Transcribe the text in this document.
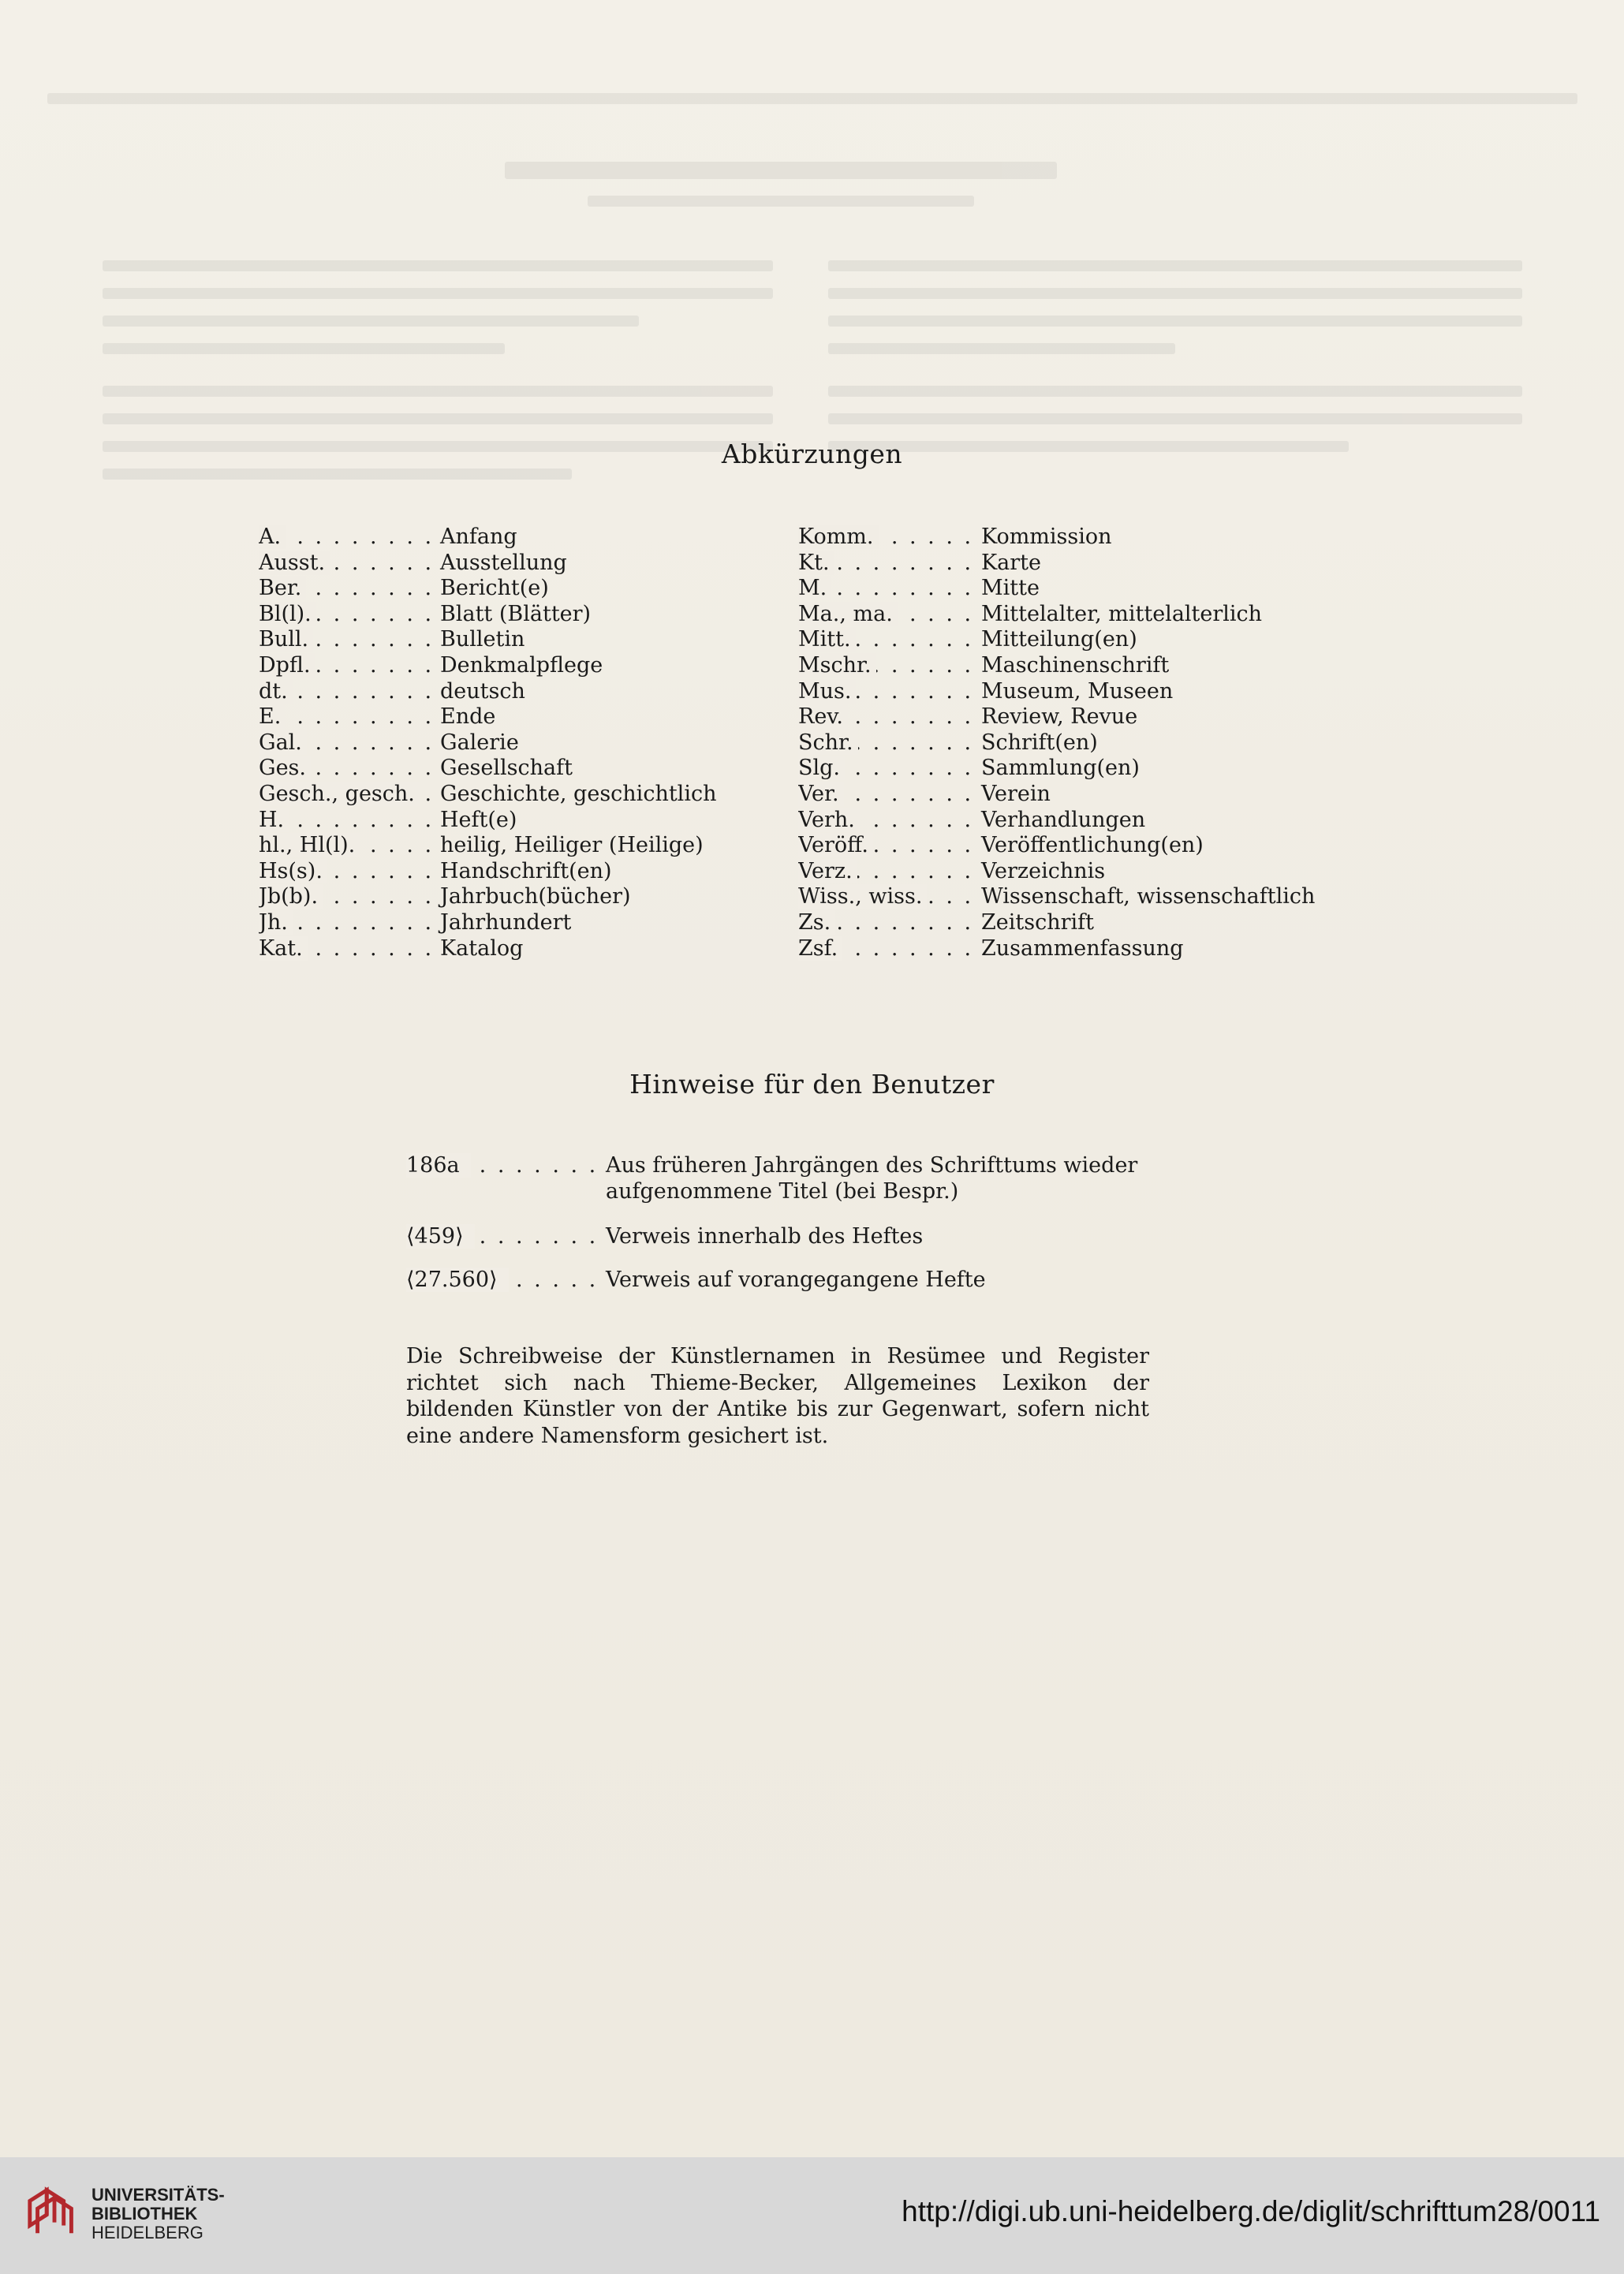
Abkürzungen
A. . . .	Anfang
Ausst. . . .	Ausstellung
Ber. . . .	Bericht(e)
Bl(l). . . .	Blatt (Blätter)
Bull. . . .	Bulletin
Dpfl. . . .	Denkmalpflege
dt. . . .	deutsch
E. . . .	Ende
Gal. . . .	Galerie
Ges. . . .	Gesellschaft
Gesch., gesch. . . .	Geschichte, geschichtlich
H. . . .	Heft(e)
hl., Hl(l). . . .	heilig, Heiliger (Heilige)
Hs(s). . . .	Handschrift(en)
Jb(b). . . .	Jahrbuch(bücher)
Jh. . . .	Jahrhundert
Kat. . . .	Katalog
Komm. . . .	Kommission
Kt. . . .	Karte
M. . . .	Mitte
Ma., ma. . . .	Mittelalter, mittelalterlich
Mitt. . . .	Mitteilung(en)
Mschr. . . .	Maschinenschrift
Mus. . . .	Museum, Museen
Rev. . . .	Review, Revue
Schr. . . .	Schrift(en)
Slg. . . .	Sammlung(en)
Ver. . . .	Verein
Verh. . . .	Verhandlungen
Veröff. . . .	Veröffentlichung(en)
Verz. . . .	Verzeichnis
Wiss., wiss. . . .	Wissenschaft, wissenschaftlich
Zs. . . .	Zeitschrift
Zsf. . . .	Zusammenfassung
Hinweise für den Benutzer
186a . . .	Aus früheren Jahrgängen des Schrifttums wieder aufgenommene Titel (bei Bespr.)
⟨459⟩ . . .	Verweis innerhalb des Heftes
⟨27.560⟩ . . .	Verweis auf vorangegangene Hefte

Die Schreibweise der Künstlernamen in Resümee und Register richtet sich nach Thieme-Becker, Allgemeines Lexikon der bildenden Künstler von der Antike bis zur Gegenwart, sofern nicht eine andere Namensform gesichert ist.

UNIVERSITÄTS-
BIBLIOTHEK
HEIDELBERG
http://digi.ub.uni-heidelberg.de/diglit/schrifttum28/0011
